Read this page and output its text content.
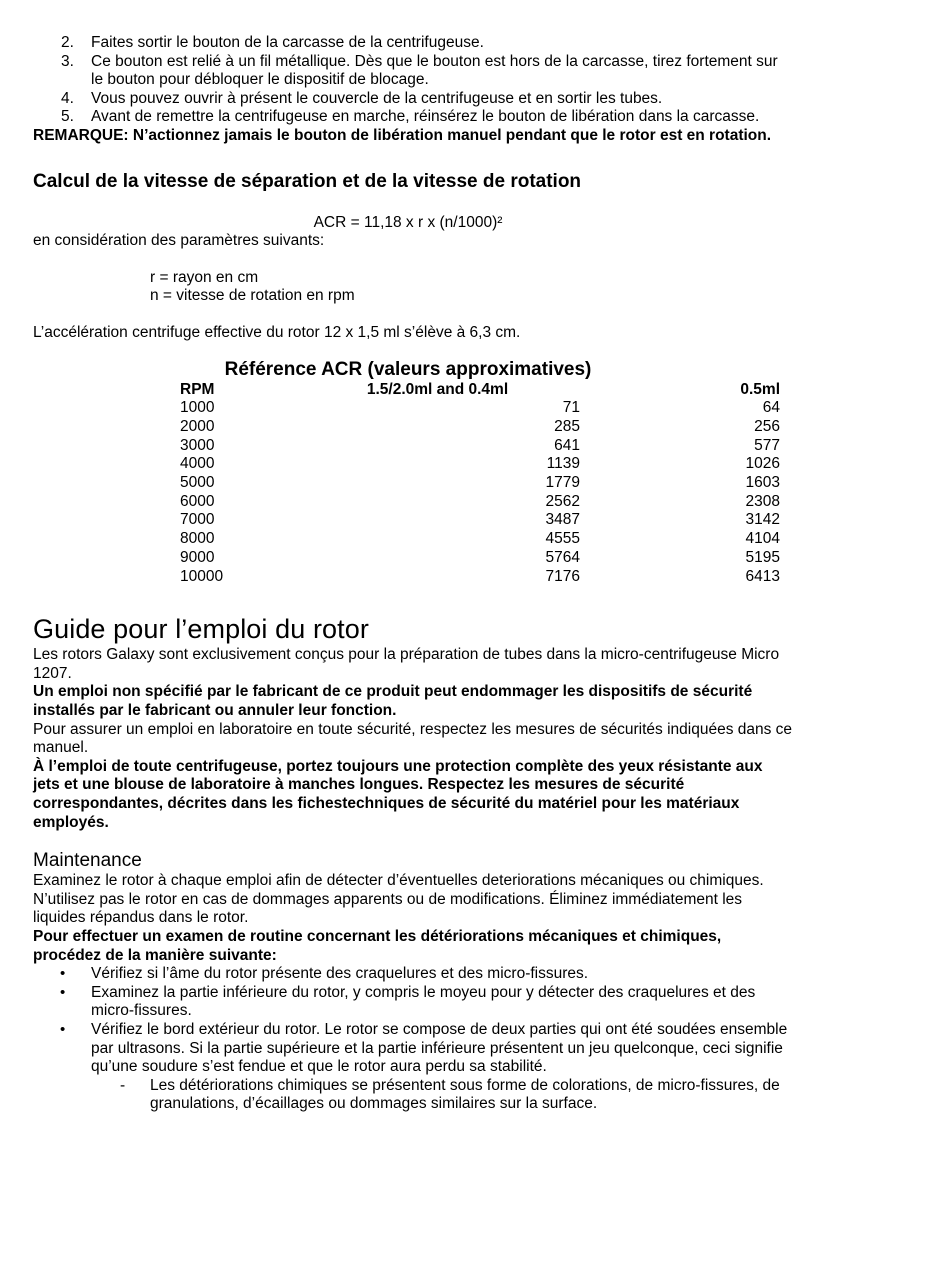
2. Faites sortir le bouton de la carcasse de la centrifugeuse.
3. Ce bouton est relié à un fil métallique. Dès que le bouton est hors de la carcasse, tirez fortement sur le bouton pour débloquer le dispositif de blocage.
4. Vous pouvez ouvrir à présent le couvercle de la centrifugeuse et en sortir les tubes.
5. Avant de remettre la centrifugeuse en marche, réinsérez le bouton de libération dans la carcasse.
REMARQUE: N’actionnez jamais le bouton de libération manuel pendant que le rotor est en rotation.
Calcul de la vitesse de séparation et de la vitesse de rotation
ACR = 11,18 x r x (n/1000)²
en considération des paramètres suivants:
r = rayon en cm
n = vitesse de rotation en rpm
L’accélération centrifuge effective du rotor 12 x 1,5 ml s’élève à 6,3 cm.
Référence ACR (valeurs approximatives)
RPM	1.5/2.0ml and 0.4ml	0.5ml
1000	71	64
2000	285	256
3000	641	577
4000	1139	1026
5000	1779	1603
6000	2562	2308
7000	3487	3142
8000	4555	4104
9000	5764	5195
10000	7176	6413
Guide pour l’emploi du rotor
Les rotors Galaxy sont exclusivement conçus pour la préparation de tubes dans la micro-centrifugeuse Micro 1207.
Un emploi non spécifié par le fabricant de ce produit peut endommager les dispositifs de sécurité installés par le fabricant ou annuler leur fonction.
Pour assurer un emploi en laboratoire en toute sécurité, respectez les mesures de sécurités indiquées dans ce manuel.
À l’emploi de toute centrifugeuse, portez toujours une protection complète des yeux résistante aux jets et une blouse de laboratoire à manches longues. Respectez les mesures de sécurité correspondantes, décrites dans les fichestechniques de sécurité du matériel pour les matériaux employés.
Maintenance
Examinez le rotor à chaque emploi afin de détecter d’éventuelles deteriorations mécaniques ou chimiques. N’utilisez pas le rotor en cas de dommages apparents ou de modifications. Éliminez immédiatement les liquides répandus dans le rotor.
Pour effectuer un examen de routine concernant les détériorations mécaniques et chimiques, procédez de la manière suivante:
• Vérifiez si l’âme du rotor présente des craquelures et des micro-fissures.
• Examinez la partie inférieure du rotor, y compris le moyeu pour y détecter des craquelures et des micro-fissures.
• Vérifiez le bord extérieur du rotor. Le rotor se compose de deux parties qui ont été soudées ensemble par ultrasons. Si la partie supérieure et la partie inférieure présentent un jeu quelconque, ceci signifie qu’une soudure s’est fendue et que le rotor aura perdu sa stabilité.
- Les détériorations chimiques se présentent sous forme de colorations, de micro-fissures, de granulations, d’écaillages ou dommages similaires sur la surface.
